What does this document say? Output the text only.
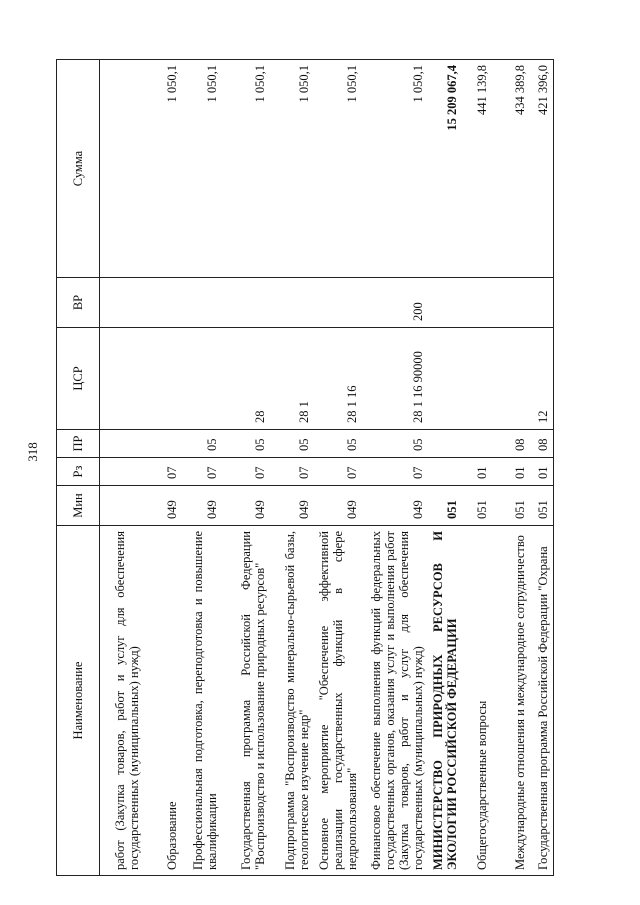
318
Наименование	Мин	Рз	ПР	ЦСР	ВР	Сумма
работ (Закупка товаров, работ и услуг для обеспечения государственных (муниципальных) нужд)						
Образование	049	07				1 050,1
Профессиональная подготовка, переподготовка и повышение квалификации	049	07	05			1 050,1
Государственная программа Российской Федерации "Воспроизводство и использование природных ресурсов"	049	07	05	28		1 050,1
Подпрограмма "Воспроизводство минерально-сырьевой базы, геологическое изучение недр"	049	07	05	28 1		1 050,1
Основное мероприятие "Обеспечение эффективной реализации государственных функций в сфере недропользования"	049	07	05	28 1 16		1 050,1
Финансовое обеспечение выполнения функций федеральных государственных органов, оказания услуг и выполнения работ (Закупка товаров, работ и услуг для обеспечения государственных (муниципальных) нужд)	049	07	05	28 1 16 90000	200	1 050,1
МИНИСТЕРСТВО ПРИРОДНЫХ РЕСУРСОВ И ЭКОЛОГИИ РОССИЙСКОЙ ФЕДЕРАЦИИ	051					15 209 067,4
Общегосударственные вопросы	051	01				441 139,8
Международные отношения и международное сотрудничество	051	01	08			434 389,8
Государственная программа Российской Федерации "Охрана	051	01	08	12		421 396,0
